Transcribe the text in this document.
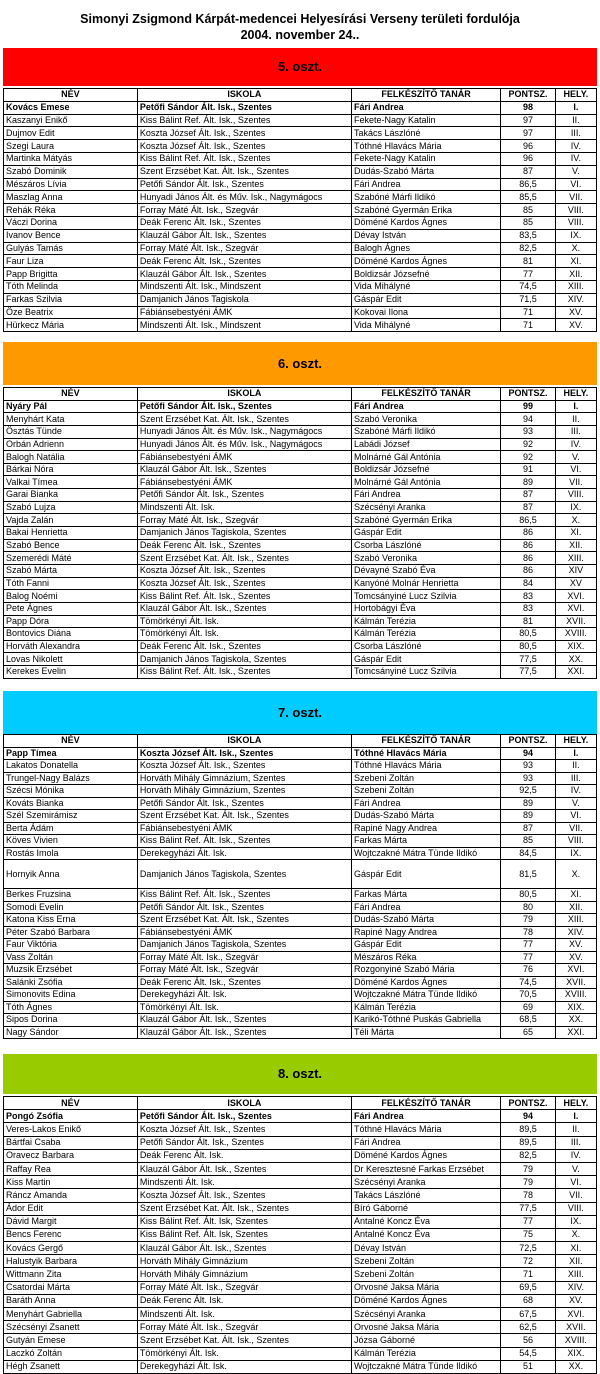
Simonyi Zsigmond Kárpát-medencei Helyesírási Verseny területi fordulója
2004. november 24..
5. oszt.
NÉV	ISKOLA	FELKÉSZÍTŐ TANÁR	PONTSZ.	HELY.
Kovács Emese	Petőfi Sándor Ált. Isk., Szentes	Fári Andrea	98	I.
Kaszanyi Enikő	Kiss Bálint Ref. Ált. Isk., Szentes	Fekete-Nagy Katalin	97	II.
Dujmov Edit	Koszta József Ált. Isk., Szentes	Takács Lászlóné	97	III.
Szegi Laura	Koszta József Ált. Isk., Szentes	Tóthné Hlavács Mária	96	IV.
Martinka Mátyás	Kiss Bálint Ref. Ált. Isk., Szentes	Fekete-Nagy Katalin	96	IV.
Szabó Dominik	Szent Erzsébet Kat. Ált. Isk., Szentes	Dudás-Szabó Márta	87	V.
Mészáros Lívia	Petőfi Sándor Ált. Isk., Szentes	Fári Andrea	86,5	VI.
Maszlag Anna	Hunyadi János Ált. és Műv. Isk., Nagymágocs	Szabóné Márfi Ildikó	85,5	VII.
Rehák Réka	Forray Máté Ált. Isk., Szegvár	Szabóné Gyermán Erika	85	VIII.
Váczi Dorina	Deák Ferenc Ált. Isk., Szentes	Döméné Kardos Ágnes	85	VIII.
Ivanov Bence	Klauzál Gábor Ált. Isk., Szentes	Dévay István	83,5	IX.
Gulyás Tamás	Forray Máté Ált. Isk., Szegvár	Balogh Ágnes	82,5	X.
Faur Liza	Deák Ferenc Ált. Isk., Szentes	Döméné Kardos Ágnes	81	XI.
Papp Brigitta	Klauzál Gábor Ált. Isk., Szentes	Boldizsár Józsefné	77	XII.
Tóth Melinda	Mindszenti Ált. Isk., Mindszent	Vida Mihályné	74,5	XIII.
Farkas Szilvia	Damjanich János Tagiskola	Gáspár Edit	71,5	XIV.
Öze Beatrix	Fábiánsebestyéni ÁMK	Kokovai Ilona	71	XV.
Hürkecz Mária	Mindszenti Ált. Isk., Mindszent	Vida Mihályné	71	XV.
6. oszt.
NÉV	ISKOLA	FELKÉSZÍTŐ TANÁR	PONTSZ.	HELY.
Nyáry Pál	Petőfi Sándor Ált. Isk., Szentes	Fári Andrea	99	I.
Menyhárt Kata	Szent Erzsébet Kat. Ált. Isk., Szentes	Szabó Veronika	94	II.
Ösztás Tünde	Hunyadi János Ált. és Műv. Isk., Nagymágocs	Szabóné Márfi Ildikó	93	III.
Orbán Adrienn	Hunyadi János Ált. és Műv. Isk., Nagymágocs	Labádi József	92	IV.
Balogh Natália	Fábiánsebestyéni ÁMK	Molnárné Gál Antónia	92	V.
Bárkai Nóra	Klauzál Gábor Ált. Isk., Szentes	Boldizsár Józsefné	91	VI.
Valkai Tímea	Fábiánsebestyéni ÁMK	Molnárné Gál Antónia	89	VII.
Garai Bianka	Petőfi Sándor Ált. Isk., Szentes	Fári Andrea	87	VIII.
Szabó Lujza	Mindszenti Ált. Isk.	Szécsényi Aranka	87	IX.
Vajda Zalán	Forray Máté Ált. Isk., Szegvár	Szabóné Gyermán Erika	86,5	X.
Bakai Henrietta	Damjanich János Tagiskola, Szentes	Gáspár Edit	86	XI.
Szabó Bence	Deák Ferenc Ált. Isk., Szentes	Csorba Lászlóné	86	XII.
Szemerédi Máté	Szent Erzsébet Kat. Ált. Isk., Szentes	Szabó Veronika	86	XIII.
Szabó Márta	Koszta József Ált. Isk., Szentes	Dévayné Szabó Éva	86	XIV
Tóth Fanni	Koszta József Ált. Isk., Szentes	Kanyóné Molnár Henrietta	84	XV
Balog Noémi	Kiss Bálint Ref. Ált. Isk., Szentes	Tomcsányiné Lucz Szilvia	83	XVI.
Pete Ágnes	Klauzál Gábor Ált. Isk., Szentes	Hortobágyi Éva	83	XVI.
Papp Dóra	Tömörkényi Ált. Isk.	Kálmán Terézia	81	XVII.
Bontovics Diána	Tömörkényi Ált. Isk.	Kálmán Terézia	80,5	XVIII.
Horváth Alexandra	Deák Ferenc Ált. Isk., Szentes	Csorba Lászlóné	80,5	XIX.
Lovas Nikolett	Damjanich János Tagiskola, Szentes	Gáspár Edit	77,5	XX.
Kerekes Evelin	Kiss Bálint Ref. Ált. Isk., Szentes	Tomcsányiné Lucz Szilvia	77,5	XXI.
7. oszt.
NÉV	ISKOLA	FELKÉSZÍTŐ TANÁR	PONTSZ.	HELY.
Papp Tímea	Koszta József Ált. Isk., Szentes	Tóthné Hlavács Mária	94	I.
Lakatos Donatella	Koszta József Ált. Isk., Szentes	Tóthné Hlavács Mária	93	II.
Trungel-Nagy Balázs	Horváth Mihály Gimnázium, Szentes	Szebeni Zoltán	93	III.
Szécsi Mónika	Horváth Mihály Gimnázium, Szentes	Szebeni Zoltán	92,5	IV.
Kováts Bianka	Petőfi Sándor Ált. Isk., Szentes	Fári Andrea	89	V.
Szél Szemirámisz	Szent Erzsébet Kat. Ált. Isk., Szentes	Dudás-Szabó Márta	89	VI.
Berta Ádám	Fábiánsebestyéni ÁMK	Rapiné Nagy Andrea	87	VII.
Köves Vivien	Kiss Bálint Ref. Ált. Isk., Szentes	Farkas Márta	85	VIII.
Rostás Imola	Derekegyházi Ált. Isk.	Wojtczakné Mátra Tünde Ildikó	84,5	IX.
Hornyik Anna	Damjanich János Tagiskola, Szentes	Gáspár Edit	81,5	X.
Berkes Fruzsina	Kiss Bálint Ref. Ált. Isk., Szentes	Farkas Márta	80,5	XI.
Somodi Evelin	Petőfi Sándor Ált. Isk., Szentes	Fári Andrea	80	XII.
Katona Kiss Erna	Szent Erzsébet Kat. Ált. Isk., Szentes	Dudás-Szabó Márta	79	XIII.
Péter Szabó Barbara	Fábiánsebestyéni ÁMK	Rapiné Nagy Andrea	78	XIV.
Faur Viktória	Damjanich János Tagiskola, Szentes	Gáspár Edit	77	XV.
Vass Zoltán	Forray Máté Ált. Isk., Szegvár	Mészáros Réka	77	XV.
Muzsik Erzsébet	Forray Máté Ált. Isk., Szegvár	Rozgonyiné Szabó Mária	76	XVI.
Salánki Zsófia	Deák Ferenc Ált. Isk., Szentes	Döméné Kardos Ágnes	74,5	XVII.
Simonovits Edina	Derekegyházi Ált. Isk.	Wojtczakné Mátra Tünde Ildikó	70,5	XVIII.
Tóth Ágnes	Tömörkényi Ált. Isk.	Kálmán Terézia	69	XIX.
Sipos Dorina	Klauzál Gábor Ált. Isk., Szentes	Karikó-Tóthné Puskás Gabriella	68,5	XX.
Nagy Sándor	Klauzál Gábor Ált. Isk., Szentes	Téli Márta	65	XXI.
8. oszt.
NÉV	ISKOLA	FELKÉSZÍTŐ TANÁR	PONTSZ.	HELY.
Pongó Zsófia	Petőfi Sándor Ált. Isk., Szentes	Fári Andrea	94	I.
Veres-Lakos Enikő	Koszta József Ált. Isk., Szentes	Tóthné Hlavács Mária	89,5	II.
Bártfai Csaba	Petőfi Sándor Ált. Isk., Szentes	Fári Andrea	89,5	III.
Oravecz Barbara	Deák Ferenc Ált. Isk.	Döméné Kardos Ágnes	82,5	IV.
Raffay Rea	Klauzál Gábor Ált. Isk., Szentes	Dr Keresztesné Farkas Erzsébet	79	V.
Kiss Martin	Mindszenti Ált. Isk.	Szécsényi Aranka	79	VI.
Ráncz Amanda	Koszta József Ált. Isk., Szentes	Takács Lászlóné	78	VII.
Ádor Edit	Szent Erzsébet Kat. Ált. Isk., Szentes	Bíró Gáborné	77,5	VIII.
Dávid Margit	Kiss Bálint Ref. Ált. Isk, Szentes	Antalné Koncz Éva	77	IX.
Bencs Ferenc	Kiss Bálint Ref. Ált. Isk, Szentes	Antalné Koncz Éva	75	X.
Kovács Gergő	Klauzál Gábor Ált. Isk., Szentes	Dévay István	72,5	XI.
Halustyik Barbara	Horváth Mihály Gimnázium	Szebeni Zoltán	72	XII.
Wittmann Zita	Horváth Mihály Gimnázium	Szebeni Zoltán	71	XIII.
Csatordai Márta	Forray Máté Ált. Isk., Szegvár	Orvosné Jaksa Mária	69,5	XIV.
Baráth Anna	Deák Ferenc Ált. Isk.	Döméné Kardos Ágnes	68	XV.
Menyhárt Gabriella	Mindszenti Ált. Isk.	Szécsényi Aranka	67,5	XVI.
Szécsényi Zsanett	Forray Máté Ált. Isk., Szegvár	Orvosné Jaksa Mária	62,5	XVII.
Gutyán Emese	Szent Erzsébet Kat. Ált. Isk., Szentes	Józsa Gáborné	56	XVIII.
Laczkó Zoltán	Tömörkényi Ált. Isk.	Kálmán Terézia	54,5	XIX.
Hégh Zsanett	Derekegyházi Ált. Isk.	Wojtczakné Mátra Tünde Ildikó	51	XX.
